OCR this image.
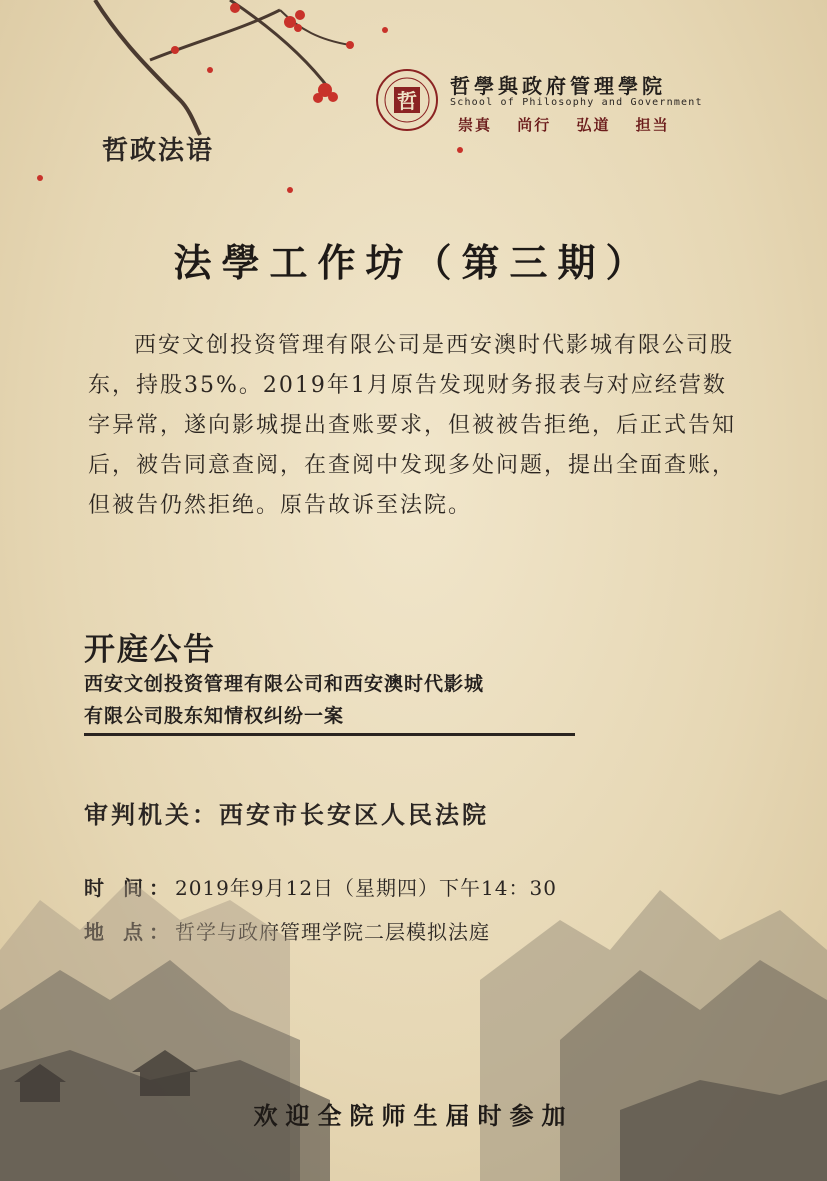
哲政法语
哲
哲學與政府管理學院
School of Philosophy and Government
崇真 尚行 弘道 担当
法學工作坊（第三期）
西安文创投资管理有限公司是西安澳时代影城有限公司股东，持股35%。2019年1月原告发现财务报表与对应经营数字异常，遂向影城提出查账要求，但被被告拒绝，后正式告知后，被告同意查阅，在查阅中发现多处问题，提出全面查账，但被告仍然拒绝。原告故诉至法院。
开庭公告
西安文创投资管理有限公司和西安澳时代影城
有限公司股东知情权纠纷一案
审判机关：西安市长安区人民法院
时 间：2019年9月12日（星期四）下午14：30
地 点：哲学与政府管理学院二层模拟法庭
欢迎全院师生届时参加
